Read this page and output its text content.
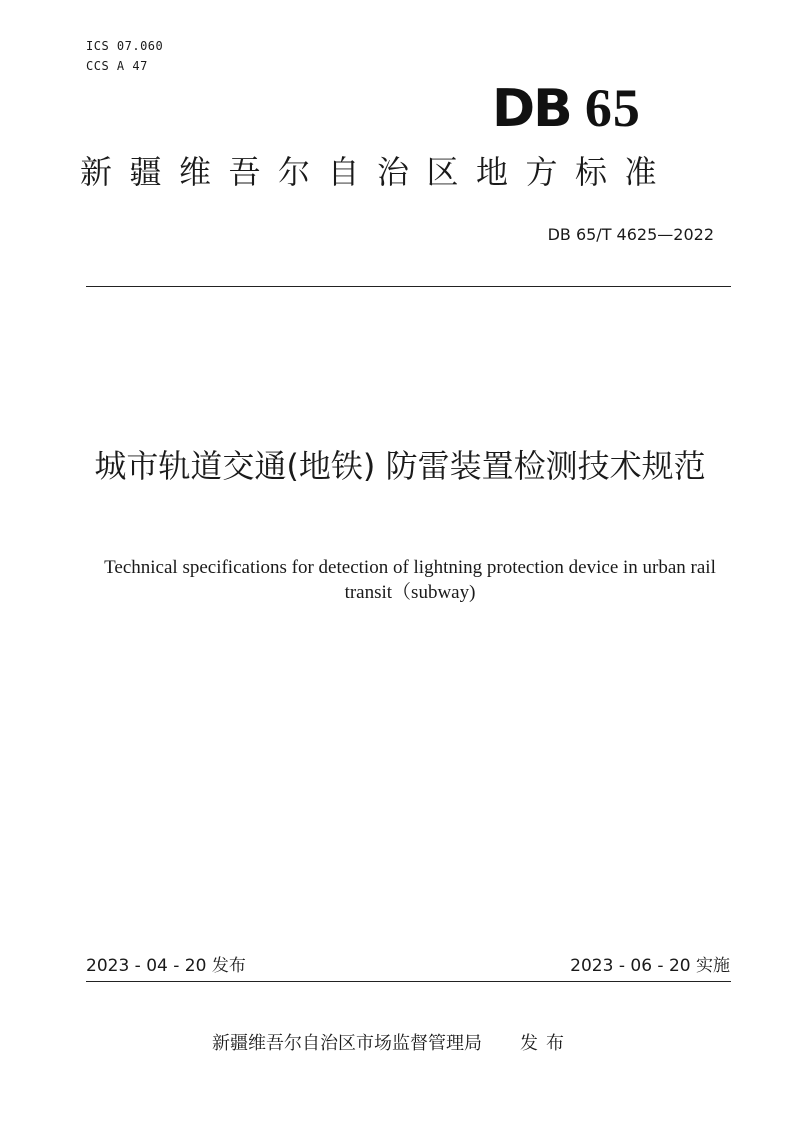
ICS 07.060
CCS A 47
DB 65
新疆维吾尔自治区地方标准
DB 65/T 4625—2022
城市轨道交通(地铁) 防雷装置检测技术规范
Technical specifications for detection of lightning protection device in urban rail transit（subway)
2023 - 04 - 20 发布	2023 - 06 - 20 实施
新疆维吾尔自治区市场监督管理局 发布
